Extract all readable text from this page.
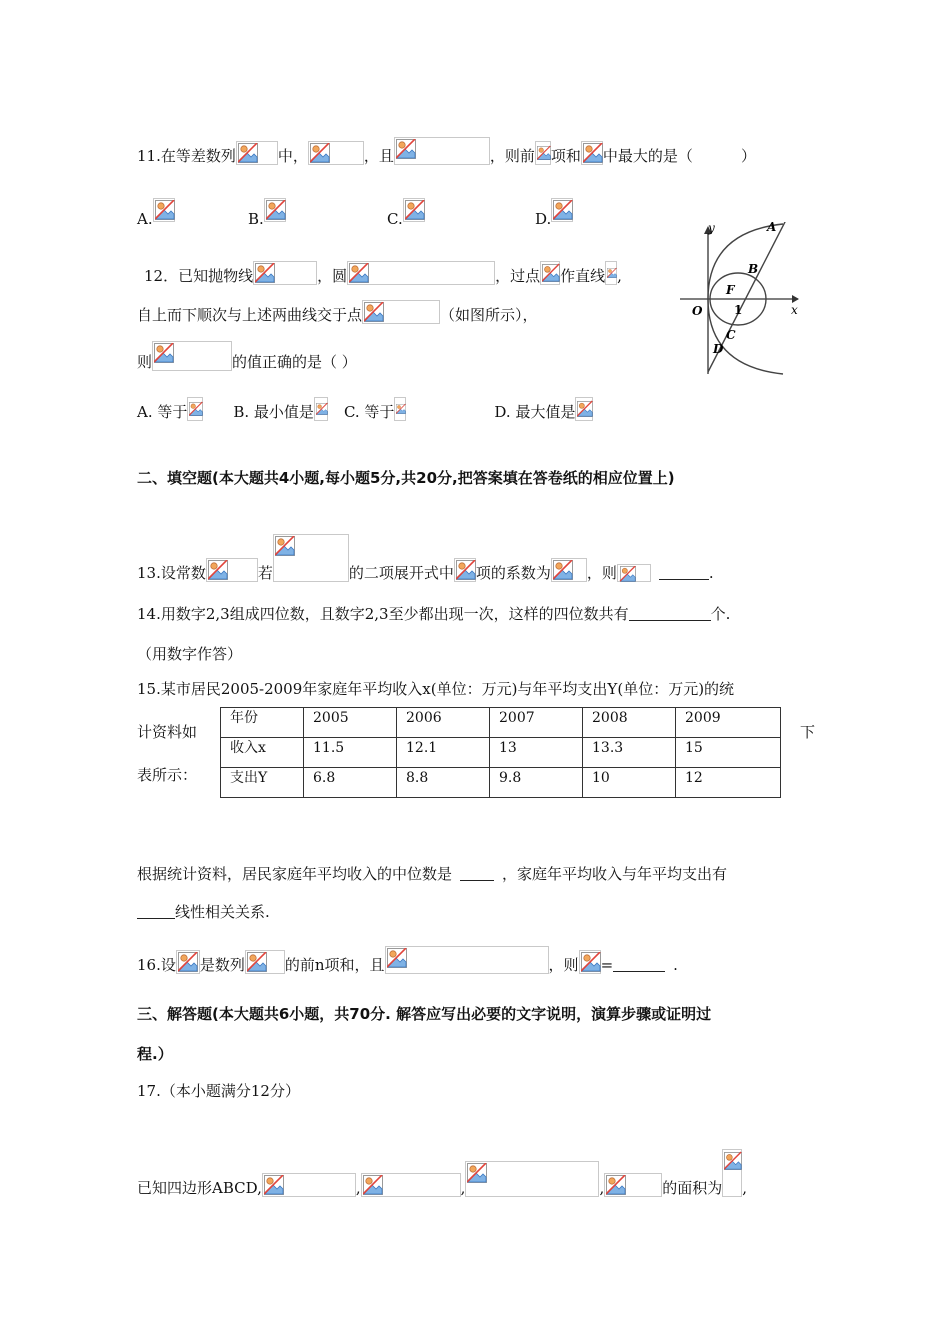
11.在等差数列	中，	，且	，则前 项和 中最大的是（	）
A.	B.	C.	D.
12．已知抛物线	，圆	，过点 作直线 ,
自上而下顺次与上述两曲线交于点	（如图所示），
则	的值正确的是（ ）
A. 等于	B. 最小值是 C. 等于	D. 最大值是
y
x
O	1
A
B
F
C
D
二、填空题(本大题共4小题,每小题5分,共20分,把答案填在答卷纸的相应位置上)
13.设常数	若	的二项展开式中 项的系数为 ，则	.
14.用数字2,3组成四位数，且数字2,3至少都出现一次，这样的四位数共有	个.
（用数字作答）
15.某市居民2005-2009年家庭年平均收入x(单位：万元)与年平均支出Y(单位：万元)的统
计资料如
表所示：
下
年份	2005	2006	2007	2008	2009
收入x	11.5	12.1	13	13.3	15
支出Y	6.8	8.8	9.8	10	12
根据统计资料，居民家庭年平均收入的中位数是	，家庭年平均收入与年平均支出有
线性相关关系.
16.设 是数列	的前n项和，且	，则 =	.
三、解答题(本大题共6小题，共70分. 解答应写出必要的文字说明，演算步骤或证明过
程.）
17.（本小题满分12分）
已知四边形ABCD,	,	,	,	的面积为 ,
